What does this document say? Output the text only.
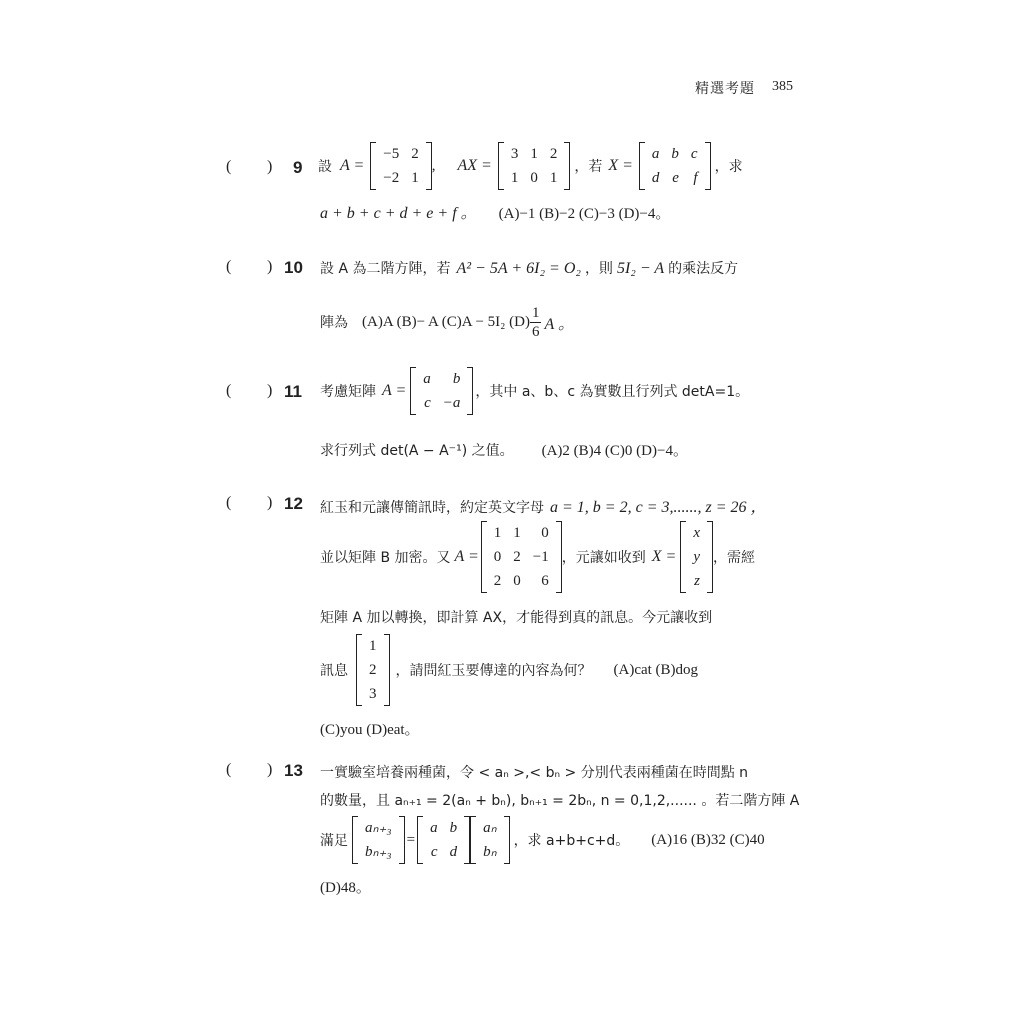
精選考題 385
( ) 9 設 A =
−5	2
−2	1
, AX =
3	1	2
1	0	1
，若 X =
a	b	c
d	e	f
，求
a + b + c + d + e + f 。 (A)−1 (B)−2 (C)−3 (D)−4。
( ) 10 設 A 為二階方陣，若 A² − 5A + 6I₂ = O₂ ，則 5I₂ − A 的乘法反方
陣為 (A)A (B)− A (C)A − 5I₂ $(D) \frac{1}{6}$ A 。
( ) 11 考慮矩陣 A =
a	b
c	−a
，其中 a、b、c 為實數且行列式 detA=1。
求行列式 det(A − A⁻¹) 之值。 (A)2 (B)4 (C)0 (D)−4。
( ) 12 紅玉和元讓傳簡訊時，約定英文字母 a = 1, b = 2, c = 3,......, z = 26 ，
並以矩陣 B 加密。又 A =
1	1	0
0	2	−1
2	0	6
，元讓如收到 X =
x
y
z
，需經
矩陣 A 加以轉換，即計算 AX，才能得到真的訊息。今元讓收到
訊息
1
2
3
，請問紅玉要傳達的內容為何？ (A)cat (B)dog
(C)you (D)eat。
( ) 13 一實驗室培養兩種菌，令 < aₙ >,< bₙ > 分別代表兩種菌在時間點 n
的數量，且 aₙ₊₁ = 2(aₙ + bₙ), bₙ₊₁ = 2bₙ, n = 0,1,2,...... 。若二階方陣 A
滿足
aₙ₊₃
bₙ₊₃
=
a	b
c	d
aₙ
bₙ
，求 a+b+c+d。 (A)16 (B)32 (C)40
(D)48。
